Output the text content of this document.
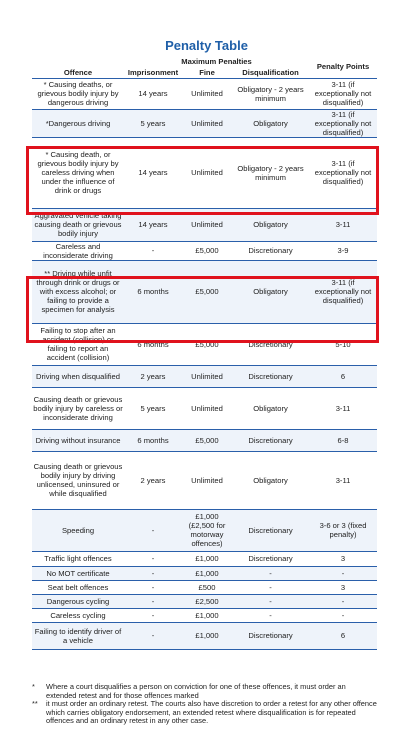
Penalty Table
Offence	Maximum Penalties			Penalty Points
	Imprisonment	Fine	Disqualification	
* Causing deaths, or grievous bodily injury by dangerous driving	14 years	Unlimited	Obligatory - 2 years minimum	3-11 (if exceptionally not disqualified)
*Dangerous driving	5 years	Unlimited	Obligatory	3-11 (if exceptionally not disqualified)
* Causing death, or grievous bodily injury by careless driving when under the influence of drink or drugs	14 years	Unlimited	Obligatory - 2 years minimum	3-11 (if exceptionally not disqualified)
Aggravated vehicle taking causing death or grievous bodily injury	14 years	Unlimited	Obligatory	3-11
Careless and inconsiderate driving	-	£5,000	Discretionary	3-9
** Driving while unfit through drink or drugs or with excess alcohol; or failing to provide a specimen for analysis	6 months	£5,000	Obligatory	3-11 (if exceptionally not disqualified)
Failing to stop after an accident (collision) or failing to report an accident (collision)	6 months	£5,000	Discretionary	5-10
Driving when disqualified	2 years	Unlimited	Discretionary	6
Causing death or grievous bodily injury by careless or inconsiderate driving	5 years	Unlimited	Obligatory	3-11
Driving without insurance	6 months	£5,000	Discretionary	6-8
Causing death or grievous bodily injury by driving unlicensed, uninsured or while disqualified	2 years	Unlimited	Obligatory	3-11
Speeding	-	£1,000 (£2,500 for motorway offences)	Discretionary	3-6 or 3 (fixed penalty)
Traffic light offences	-	£1,000	Discretionary	3
No MOT certificate	-	£1,000	-	-
Seat belt offences	-	£500	-	3
Dangerous cycling	-	£2,500	-	-
Careless cycling	-	£1,000	-	-
Failing to identify driver of a vehicle	-	£1,000	Discretionary	6
*	Where a court disqualifies a person on conviction for one of these offences, it must order an extended retest and for those offences marked
**	it must order an ordinary retest. The courts also have discretion to order a retest for any other offence which carries obligatory endorsement, an extended retest where disqualification is for repeated offences and an ordinary retest in any other case.
